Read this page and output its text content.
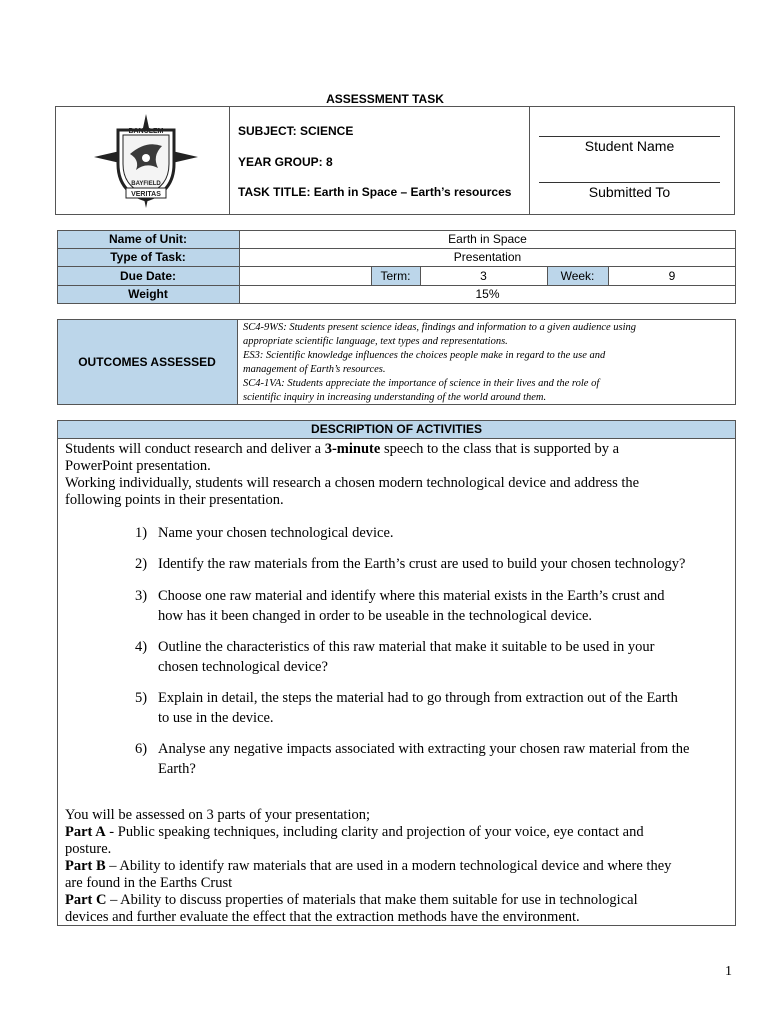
ASSESSMENT TASK
VERITAS
BANCLEM
BAYFIELD
SUBJECT: SCIENCE
YEAR GROUP: 8
TASK TITLE: Earth in Space – Earth’s resources
Student Name
Submitted To
Name of Unit:	Earth in Space
Type of Task:	Presentation
Due Date:	Term:	3	Week:	9
Weight	15%
OUTCOMES ASSESSED
SC4-9WS: Students present science ideas, findings and information to a given audience using
appropriate scientific language, text types and representations.
ES3: Scientific knowledge influences the choices people make in regard to the use and
management of Earth’s resources.
SC4-1VA: Students appreciate the importance of science in their lives and the role of
scientific inquiry in increasing understanding of the world around them.
DESCRIPTION OF ACTIVITIES
Students will conduct research and deliver a 3-minute speech to the class that is supported by a
PowerPoint presentation.
Working individually, students will research a chosen modern technological device and address the
following points in their presentation.
1) Name your chosen technological device.
2) Identify the raw materials from the Earth’s crust are used to build your chosen technology?
3) Choose one raw material and identify where this material exists in the Earth’s crust and
how has it been changed in order to be useable in the technological device.
4) Outline the characteristics of this raw material that make it suitable to be used in your
chosen technological device?
5) Explain in detail, the steps the material had to go through from extraction out of the Earth
to use in the device.
6) Analyse any negative impacts associated with extracting your chosen raw material from the
Earth?
You will be assessed on 3 parts of your presentation;
Part A - Public speaking techniques, including clarity and projection of your voice, eye contact and
posture.
Part B – Ability to identify raw materials that are used in a modern technological device and where they
are found in the Earths Crust
Part C – Ability to discuss properties of materials that make them suitable for use in technological
devices and further evaluate the effect that the extraction methods have the environment.
1
